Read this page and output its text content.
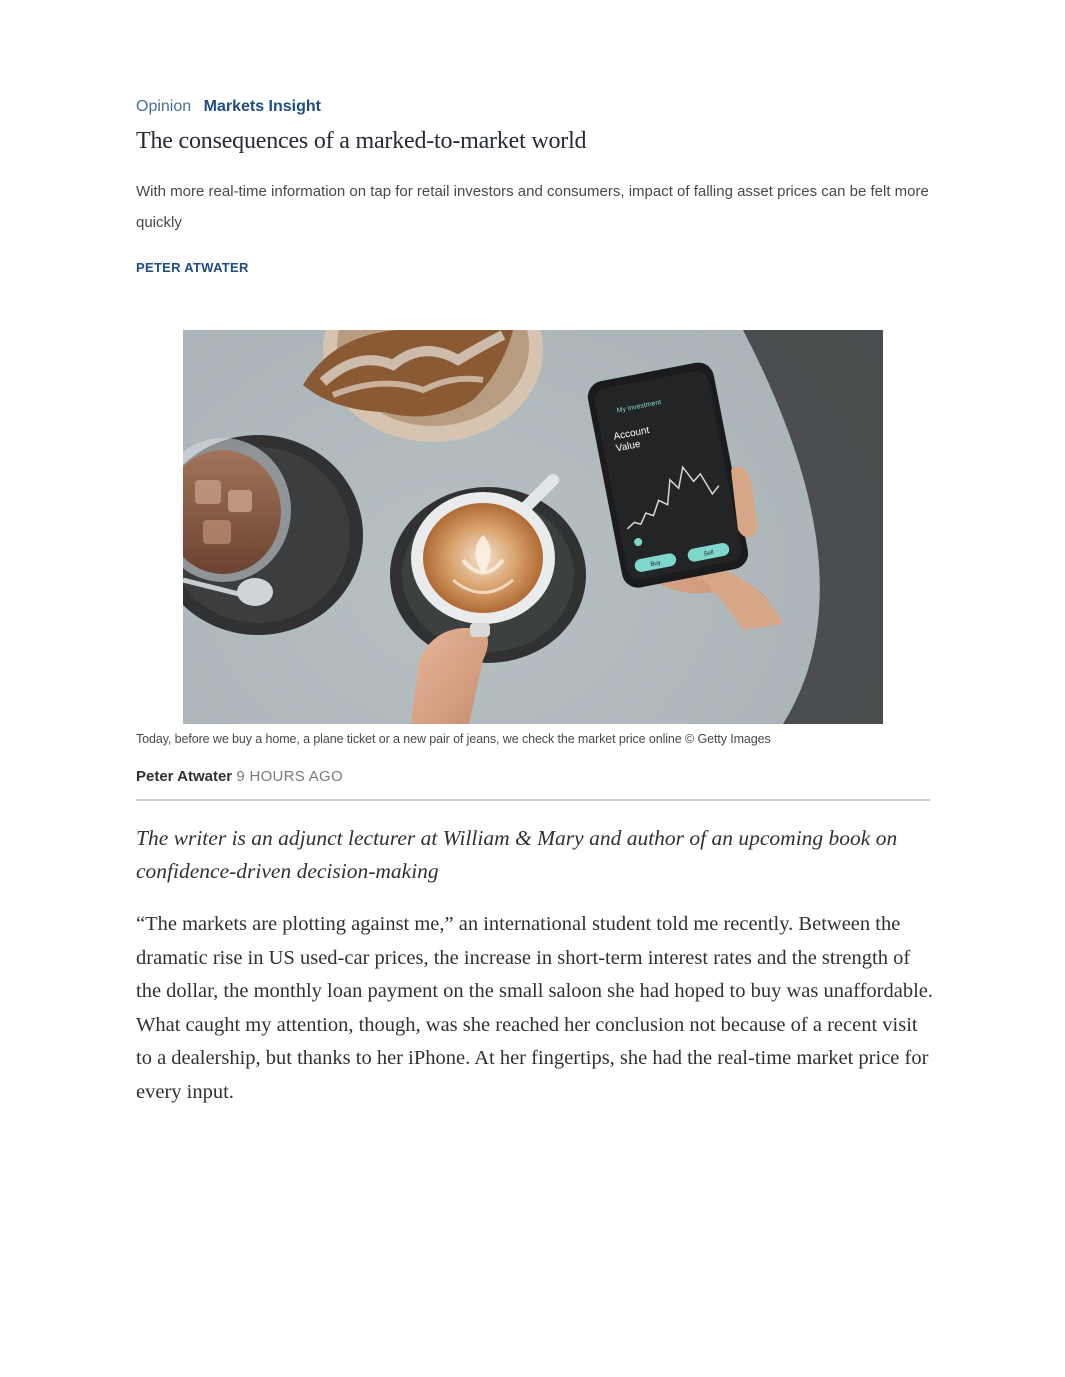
Opinion Markets Insight
The consequences of a marked-to-market world

With more real-time information on tap for retail investors and consumers, impact of falling asset prices can be felt more quickly

PETER ATWATER
My investment
Account
Value
Buy
Sell
Today, before we buy a home, a plane ticket or a new pair of jeans, we check the market price online © Getty Images
Peter Atwater 9 HOURS AGO

The writer is an adjunct lecturer at William & Mary and author of an upcoming book on confidence-driven decision-making

“The markets are plotting against me,” an international student told me recently. Between the dramatic rise in US used-car prices, the increase in short-term interest rates and the strength of the dollar, the monthly loan payment on the small saloon she had hoped to buy was unaffordable. What caught my attention, though, was she reached her conclusion not because of a recent visit to a dealership, but thanks to her iPhone. At her fingertips, she had the real-time market price for every input.
